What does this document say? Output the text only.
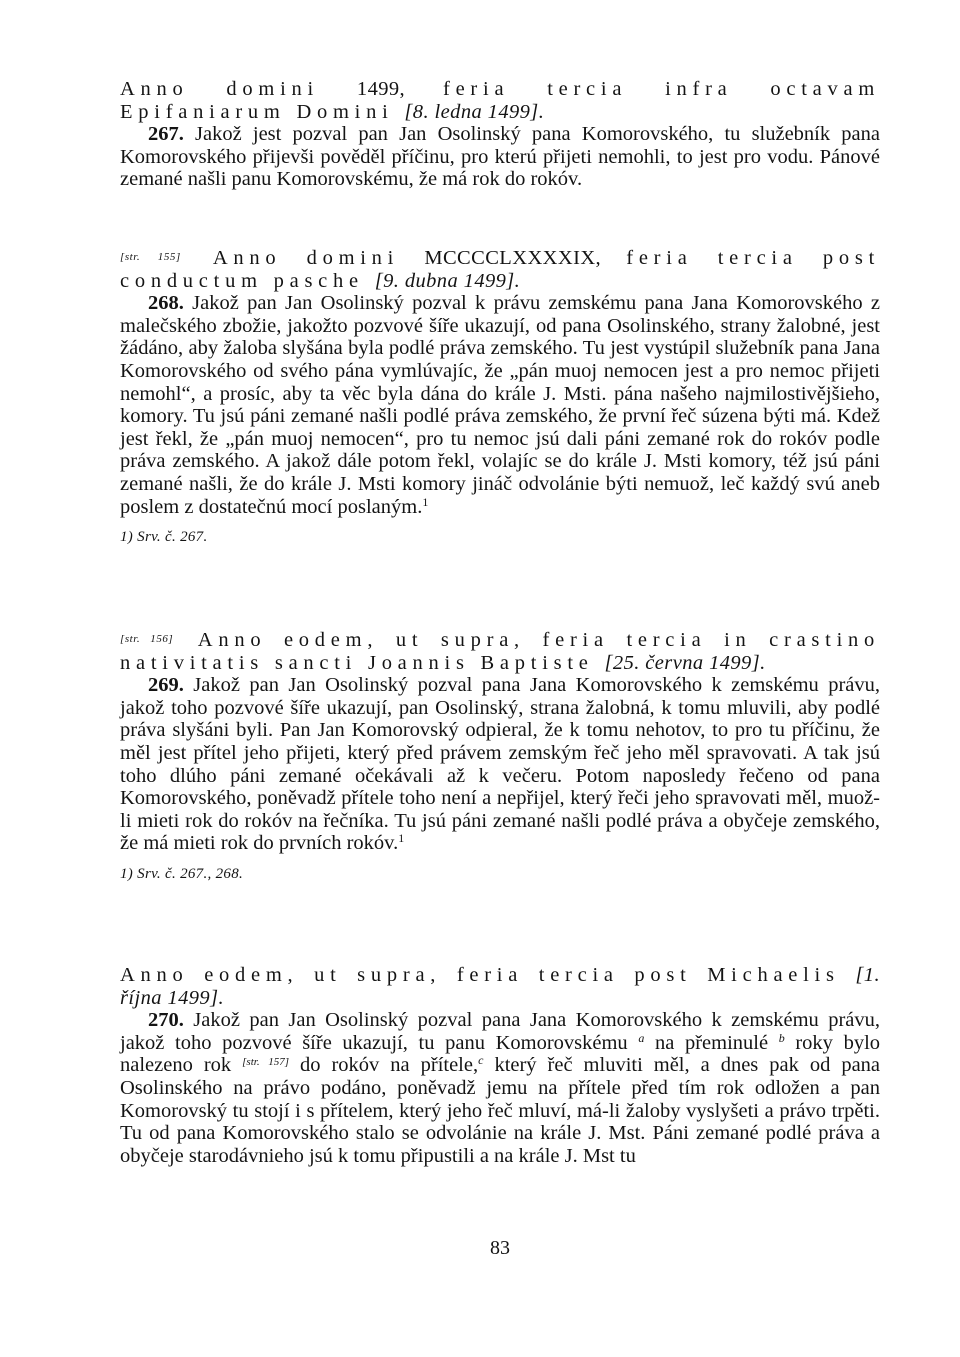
Anno domini 1499, feria tercia infra octavam Epifaniarum Domini [8. ledna 1499].

267. Jakož jest pozval pan Jan Osolinský pana Komorovského, tu služebník pana Komorovského přijevši pověděl příčinu, pro kterú přijeti nemohli, to jest pro vodu. Pánové zemané našli panu Komorovskému, že má rok do rokóv.

[str. 155] Anno domini MCCCCLXXXXIX, feria tercia post conductum pasche [9. dubna 1499].

268. Jakož pan Jan Osolinský pozval k právu zemskému pana Jana Komorovského z malečského zbožie, jakožto pozvové šíře ukazují, od pana Osolinského, strany žalobné, jest žádáno, aby žaloba slyšána byla podlé práva zemského. Tu jest vystúpil služebník pana Jana Komorovského od svého pána vymlúvajíc, že „pán muoj nemocen jest a pro nemoc přijeti nemohl“, a prosíc, aby ta věc byla dána do krále J. Msti. pána našeho najmilostivějšieho, komory. Tu jsú páni zemané našli podlé práva zemského, že první řeč súzena býti má. Kdež jest řekl, že „pán muoj nemocen“, pro tu nemoc jsú dali páni zemané rok do rokóv podle práva zemského. A jakož dále potom řekl, volajíc se do krále J. Msti komory, též jsú páni zemané našli, že do krále J. Msti komory jináč odvolánie býti nemuož, leč každý svú aneb poslem z dostatečnú mocí poslaným.$^1$

1) Srv. č. 267.

[str. 156] Anno eodem, ut supra, feria tercia in crastino nativitatis sancti Joannis Baptiste [25. června 1499].

269. Jakož pan Jan Osolinský pozval pana Jana Komorovského k zemskému právu, jakož toho pozvové šíře ukazují, pan Osolinský, strana žalobná, k tomu mluvili, aby podlé práva slyšáni byli. Pan Jan Komorovský odpieral, že k tomu nehotov, to pro tu příčinu, že měl jest přítel jeho přijeti, který před právem zemským řeč jeho měl spravovati. A tak jsú toho dlúho páni zemané očekávali až k večeru. Potom naposledy řečeno od pana Komorovského, poněvadž přítele toho není a nepřijel, který řeči jeho spravovati měl, muož-li mieti rok do rokóv na řečníka. Tu jsú páni zemané našli podlé práva a obyčeje zemského, že má mieti rok do prvních rokóv.$^1$

1) Srv. č. 267., 268.

Anno eodem, ut supra, feria tercia post Michaelis [1. října 1499].

270. Jakož pan Jan Osolinský pozval pana Jana Komorovského k zemskému právu, jakož toho pozvové šíře ukazují, tu panu Komorovskému $^a$ na přeminulé $^b$ roky bylo nalezeno rok [str. 157] do rokóv na přítele,$^c$ který řeč mluviti měl, a dnes pak od pana Osolinského na právo podáno, poněvadž jemu na přítele před tím rok odložen a pan Komorovský tu stojí i s přítelem, který jeho řeč mluví, má-li žaloby vyslyšeti a právo trpěti. Tu od pana Komorovského stalo se odvolánie na krále J. Mst. Páni zemané podlé práva a obyčeje starodávnieho jsú k tomu připustili a na krále J. Mst tu

83
